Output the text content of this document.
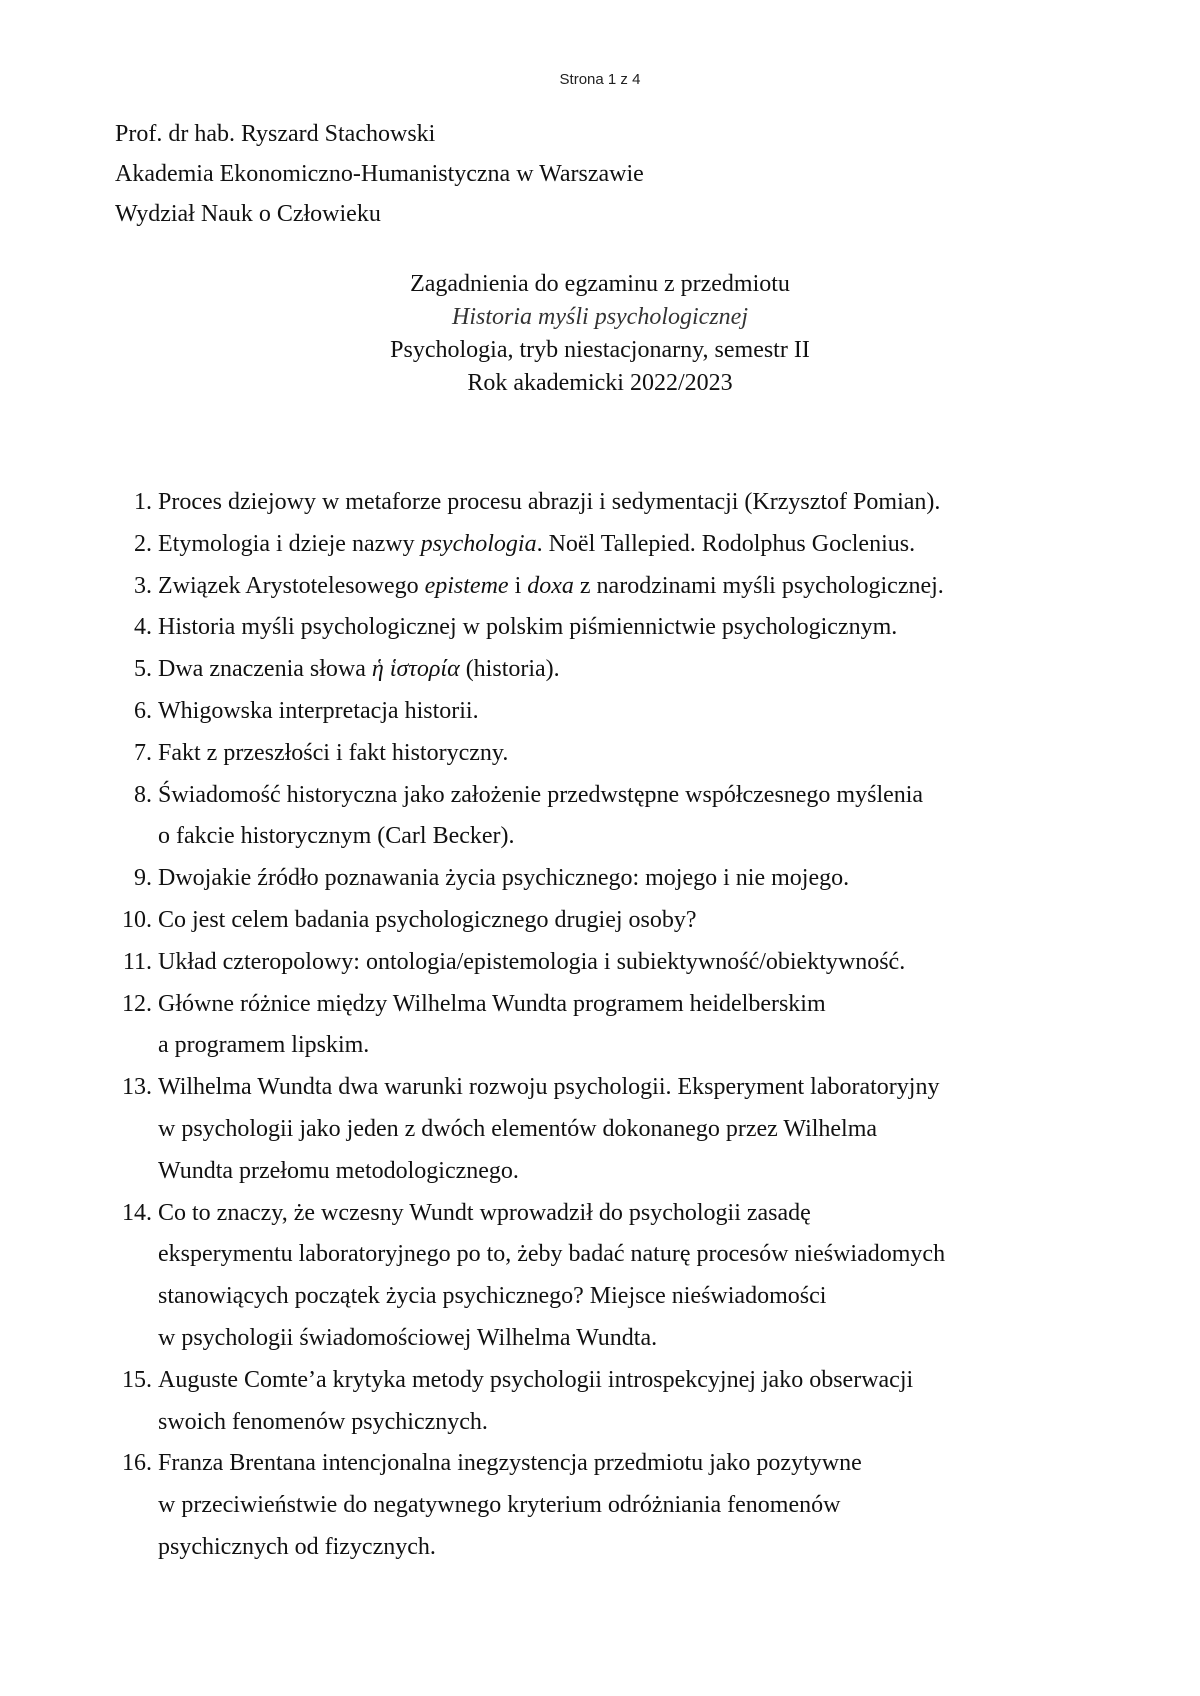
Strona 1 z 4
Prof. dr hab. Ryszard Stachowski
Akademia Ekonomiczno-Humanistyczna w Warszawie
Wydział Nauk o Człowieku
Zagadnienia do egzaminu z przedmiotu
Historia myśli psychologicznej
Psychologia, tryb niestacjonarny, semestr II
Rok akademicki 2022/2023
1. Proces dziejowy w metaforze procesu abrazji i sedymentacji (Krzysztof Pomian).
2. Etymologia i dzieje nazwy psychologia. Noël Tallepied. Rodolphus Goclenius.
3. Związek Arystotelesowego episteme i doxa z narodzinami myśli psychologicznej.
4. Historia myśli psychologicznej w polskim piśmiennictwie psychologicznym.
5. Dwa znaczenia słowa ἡ ἱστορία (historia).
6. Whigowska interpretacja historii.
7. Fakt z przeszłości i fakt historyczny.
8. Świadomość historyczna jako założenie przedwstępne współczesnego myślenia
o fakcie historycznym (Carl Becker).
9. Dwojakie źródło poznawania życia psychicznego: mojego i nie mojego.
10. Co jest celem badania psychologicznego drugiej osoby?
11. Układ czteropolowy: ontologia/epistemologia i subiektywność/obiektywność.
12. Główne różnice między Wilhelma Wundta programem heidelberskim
a programem lipskim.
13. Wilhelma Wundta dwa warunki rozwoju psychologii. Eksperyment laboratoryjny
w psychologii jako jeden z dwóch elementów dokonanego przez Wilhelma
Wundta przełomu metodologicznego.
14. Co to znaczy, że wczesny Wundt wprowadził do psychologii zasadę
eksperymentu laboratoryjnego po to, żeby badać naturę procesów nieświadomych
stanowiących początek życia psychicznego? Miejsce nieświadomości
w psychologii świadomościowej Wilhelma Wundta.
15. Auguste Comte’a krytyka metody psychologii introspekcyjnej jako obserwacji
swoich fenomenów psychicznych.
16. Franza Brentana intencjonalna inegzystencja przedmiotu jako pozytywne
w przeciwieństwie do negatywnego kryterium odróżniania fenomenów
psychicznych od fizycznych.
